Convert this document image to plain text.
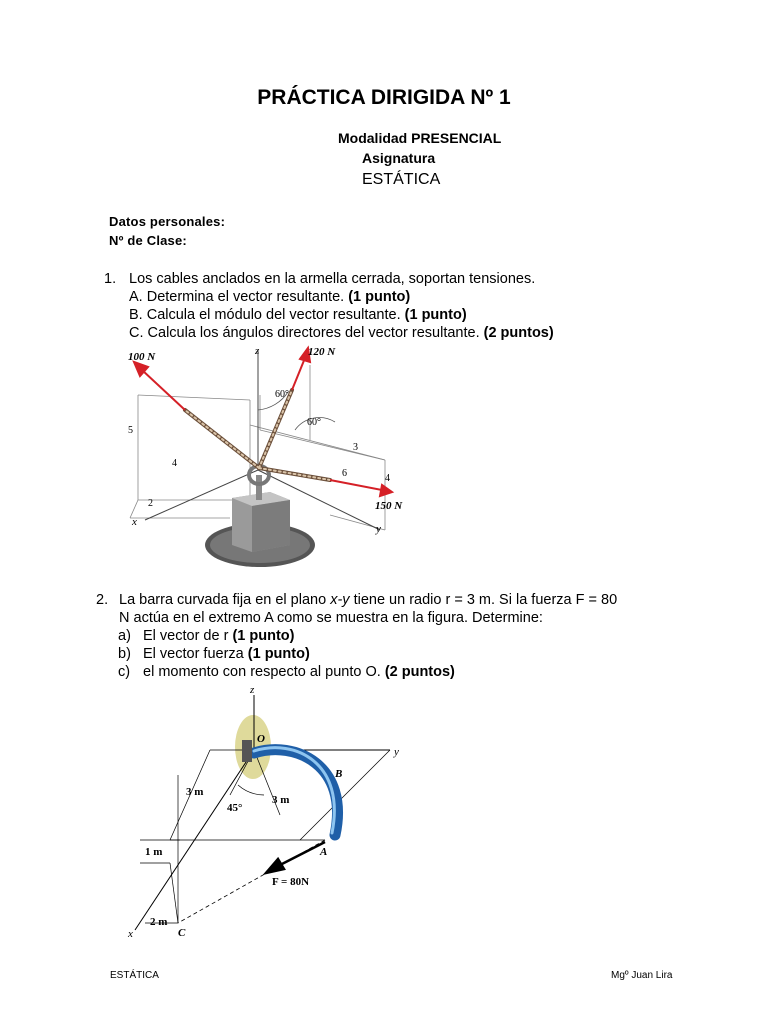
PRÁCTICA DIRIGIDA Nº 1
Modalidad PRESENCIAL
Asignatura
ESTÁTICA
Datos personales:
Nº de Clase:
1. Los cables anclados en la armella cerrada, soportan tensiones.
A. Determina el vector resultante. (1 punto)
B. Calcula el módulo del vector resultante. (1 punto)
C. Calcula los ángulos directores del vector resultante. (2 puntos)
100 N	120 N
150 N
60°
60°
z
x
y
5
4
2
3
6	4
2. La barra curvada fija en el plano x-y tiene un radio r = 3 m. Si la fuerza F = 80
N actúa en el extremo A como se muestra en la figura. Determine:
a) El vector de r (1 punto)
b) El vector fuerza (1 punto)
c) el momento con respecto al punto O. (2 puntos)
z
y
x
O
B
A
C
3 m
3 m
45°
1 m
2 m
F = 80N
ESTÁTICA	Mgº Juan Lira
